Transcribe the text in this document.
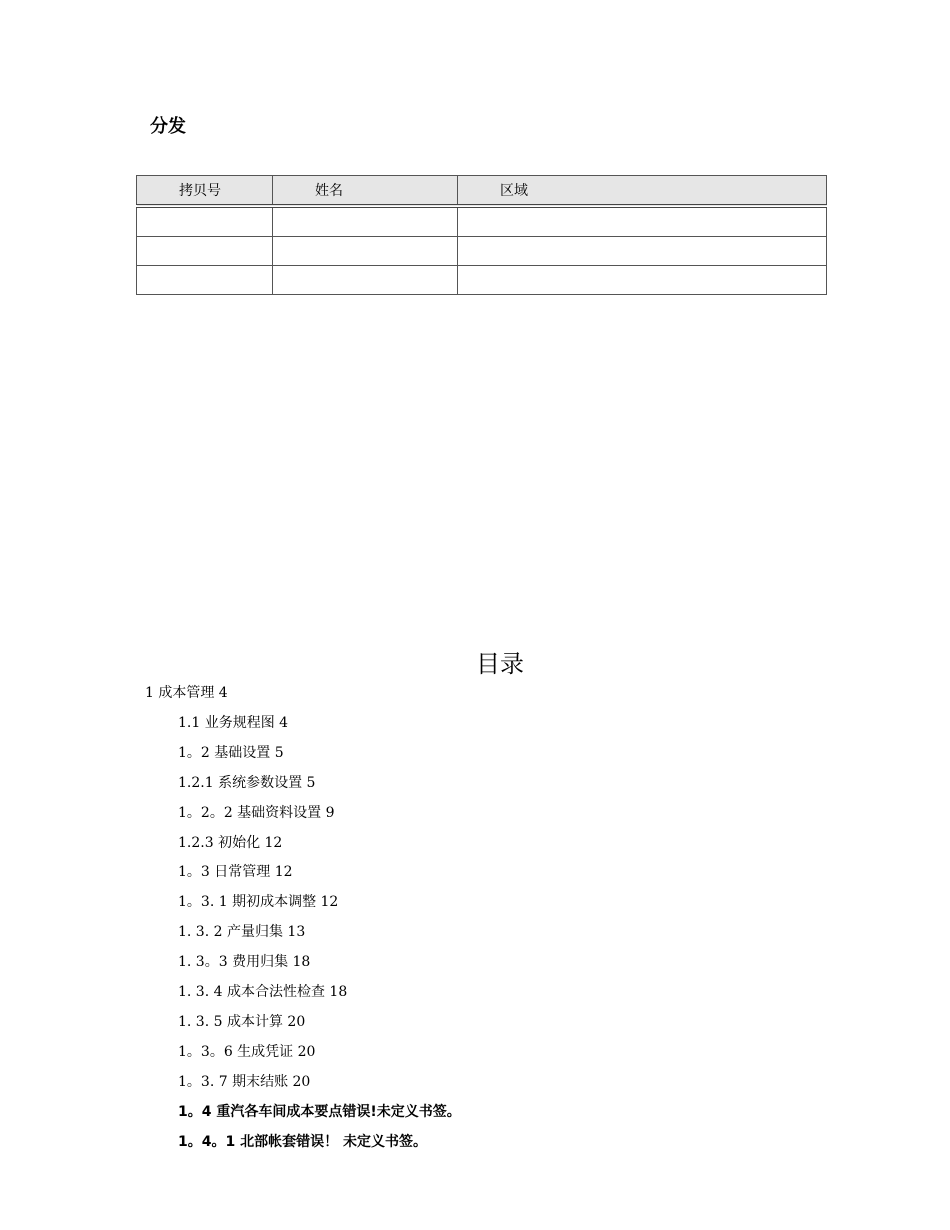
分发
拷贝号	姓名	区域

目录
1 成本管理 4
1.1 业务规程图 4
1。2 基础设置 5
1.2.1 系统参数设置 5
1。2。2 基础资料设置 9
1.2.3 初始化 12
1。3 日常管理 12
1。3. 1 期初成本调整 12
1. 3. 2 产量归集 13
1. 3。3 费用归集 18
1. 3. 4 成本合法性检查 18
1. 3. 5 成本计算 20
1。3。6 生成凭证 20
1。3. 7 期末结账 20
1。4 重汽各车间成本要点错误!未定义书签。
1。4。1 北部帐套错误！ 未定义书签。
